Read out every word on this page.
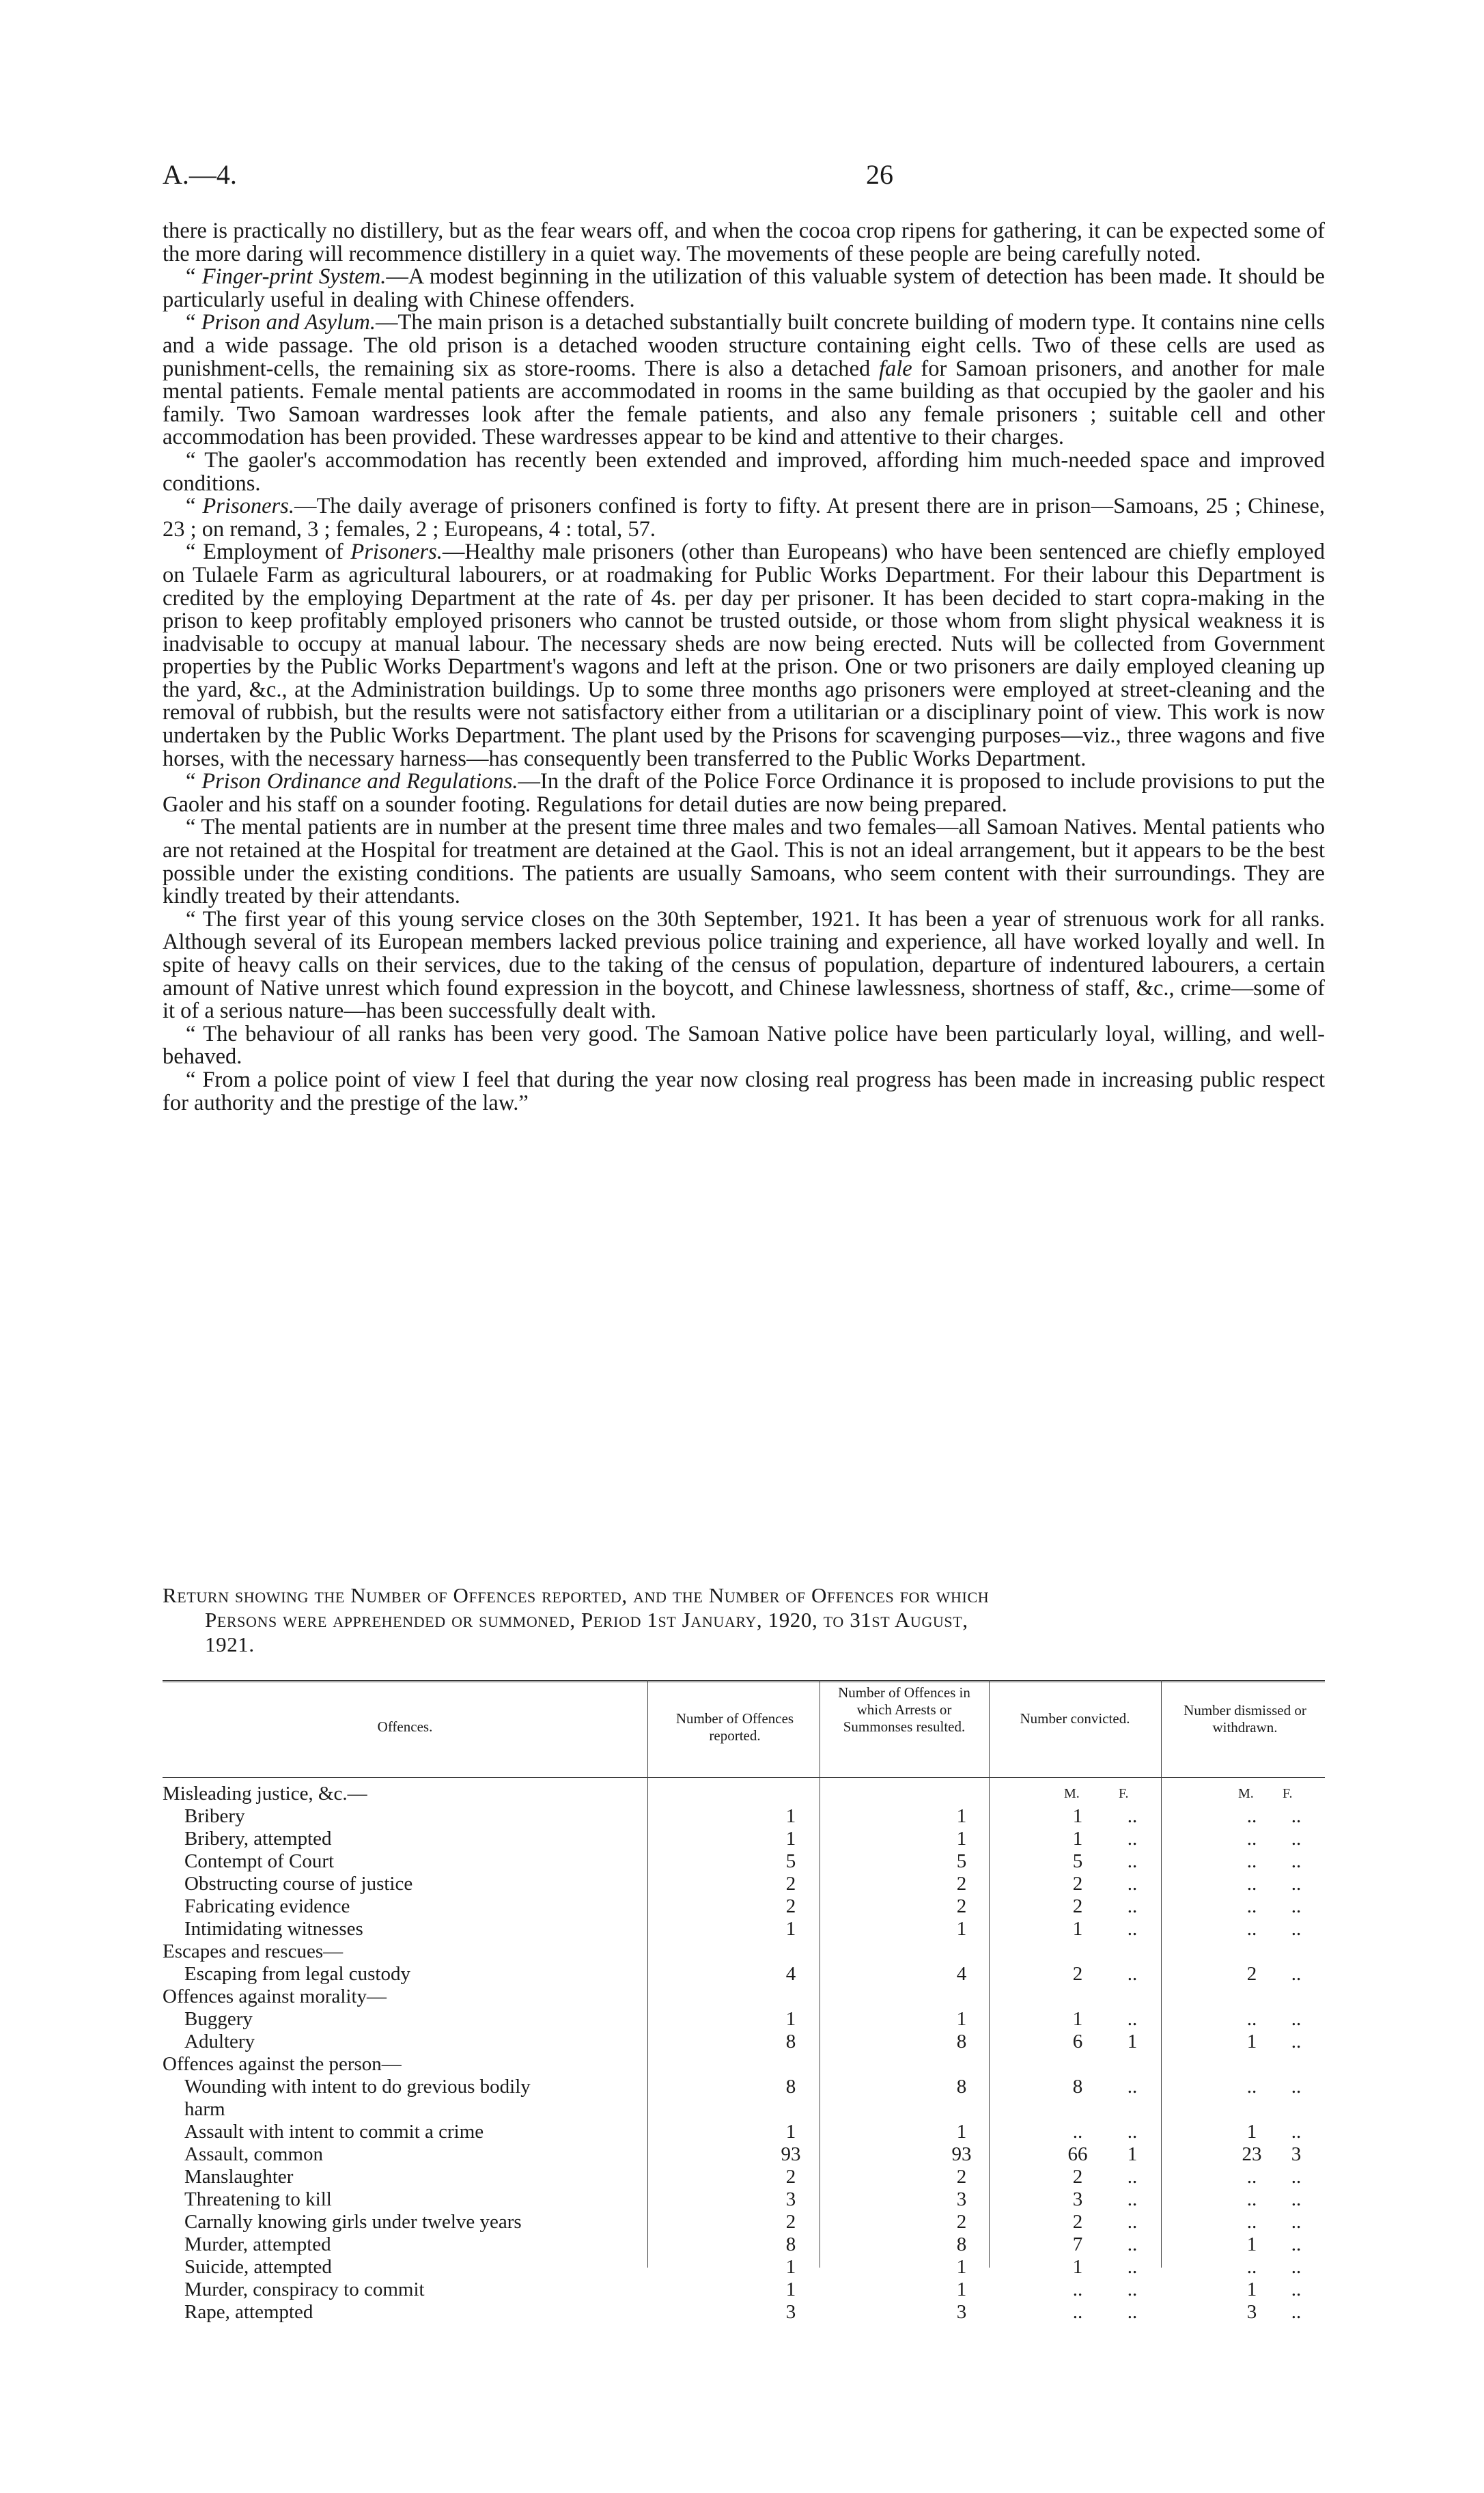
A.—4.	26

there is practically no distillery, but as the fear wears off, and when the cocoa crop ripens for gathering, it can be expected some of the more daring will recommence distillery in a quiet way. The movements of these people are being carefully noted.

“ Finger-print System.—A modest beginning in the utilization of this valuable system of detection has been made. It should be particularly useful in dealing with Chinese offenders.

“ Prison and Asylum.—The main prison is a detached substantially built concrete building of modern type. It contains nine cells and a wide passage. The old prison is a detached wooden structure containing eight cells. Two of these cells are used as punishment-cells, the remaining six as store-rooms. There is also a detached fale for Samoan prisoners, and another for male mental patients. Female mental patients are accommodated in rooms in the same building as that occupied by the gaoler and his family. Two Samoan wardresses look after the female patients, and also any female prisoners ; suitable cell and other accommodation has been provided. These wardresses appear to be kind and attentive to their charges.

“ The gaoler's accommodation has recently been extended and improved, affording him much-needed space and improved conditions.

“ Prisoners.—The daily average of prisoners confined is forty to fifty. At present there are in prison—Samoans, 25 ; Chinese, 23 ; on remand, 3 ; females, 2 ; Europeans, 4 : total, 57.

“ Employment of Prisoners.—Healthy male prisoners (other than Europeans) who have been sentenced are chiefly employed on Tulaele Farm as agricultural labourers, or at roadmaking for Public Works Department. For their labour this Department is credited by the employing Department at the rate of 4s. per day per prisoner. It has been decided to start copra-making in the prison to keep profitably employed prisoners who cannot be trusted outside, or those whom from slight physical weakness it is inadvisable to occupy at manual labour. The necessary sheds are now being erected. Nuts will be collected from Government properties by the Public Works Department's wagons and left at the prison. One or two prisoners are daily employed cleaning up the yard, &c., at the Administration buildings. Up to some three months ago prisoners were employed at street-cleaning and the removal of rubbish, but the results were not satisfactory either from a utilitarian or a disciplinary point of view. This work is now undertaken by the Public Works Department. The plant used by the Prisons for scavenging purposes—viz., three wagons and five horses, with the necessary harness—has consequently been transferred to the Public Works Department.

“ Prison Ordinance and Regulations.—In the draft of the Police Force Ordinance it is proposed to include provisions to put the Gaoler and his staff on a sounder footing. Regulations for detail duties are now being prepared.

“ The mental patients are in number at the present time three males and two females—all Samoan Natives. Mental patients who are not retained at the Hospital for treatment are detained at the Gaol. This is not an ideal arrangement, but it appears to be the best possible under the existing conditions. The patients are usually Samoans, who seem content with their surroundings. They are kindly treated by their attendants.

“ The first year of this young service closes on the 30th September, 1921. It has been a year of strenuous work for all ranks. Although several of its European members lacked previous police training and experience, all have worked loyally and well. In spite of heavy calls on their services, due to the taking of the census of population, departure of indentured labourers, a certain amount of Native unrest which found expression in the boycott, and Chinese lawlessness, shortness of staff, &c., crime—some of it of a serious nature—has been successfully dealt with.

“ The behaviour of all ranks has been very good. The Samoan Native police have been particularly loyal, willing, and well-behaved.

“ From a police point of view I feel that during the year now closing real progress has been made in increasing public respect for authority and the prestige of the law.”

Return showing the Number of Offences reported, and the Number of Offences for which
Persons were apprehended or summoned, Period 1st January, 1920, to 31st August,
1921.
Offences.	Number of Offences reported.
Number of Offences in which Arrests or Summonses resulted.	Number convicted.	Number dismissed or withdrawn.
M.	F.	M. F.
Misleading justice, &c.—
Bribery	1	1	1	..	..	..
Bribery, attempted	1	1	1	..	..	..
Contempt of Court	5	5	5	..	..	..
Obstructing course of justice	2	2	2	..	..	..
Fabricating evidence	2	2	2	..	..	..
Intimidating witnesses	1	1	1	..	..	..
Escapes and rescues—
Escaping from legal custody	4	4	2	..	2	..
Offences against morality—
Buggery	1	1	1	..	..	..
Adultery	8	8	6	1	1	..
Offences against the person—
Wounding with intent to do grevious bodily	8	8	8	..	..	..
harm
Assault with intent to commit a crime	1	1	..	..	1	..
Assault, common	93	93	66	1	23	3
Manslaughter	2	2	2	..	..	..
Threatening to kill	3	3	3	..	..	..
Carnally knowing girls under twelve years	2	2	2	..	..	..
Murder, attempted	8	8	7	..	1	..
Suicide, attempted	1	1	1	..	..	..
Murder, conspiracy to commit	1	1	..	..	1	..
Rape, attempted	3	3	..	..	3	..
